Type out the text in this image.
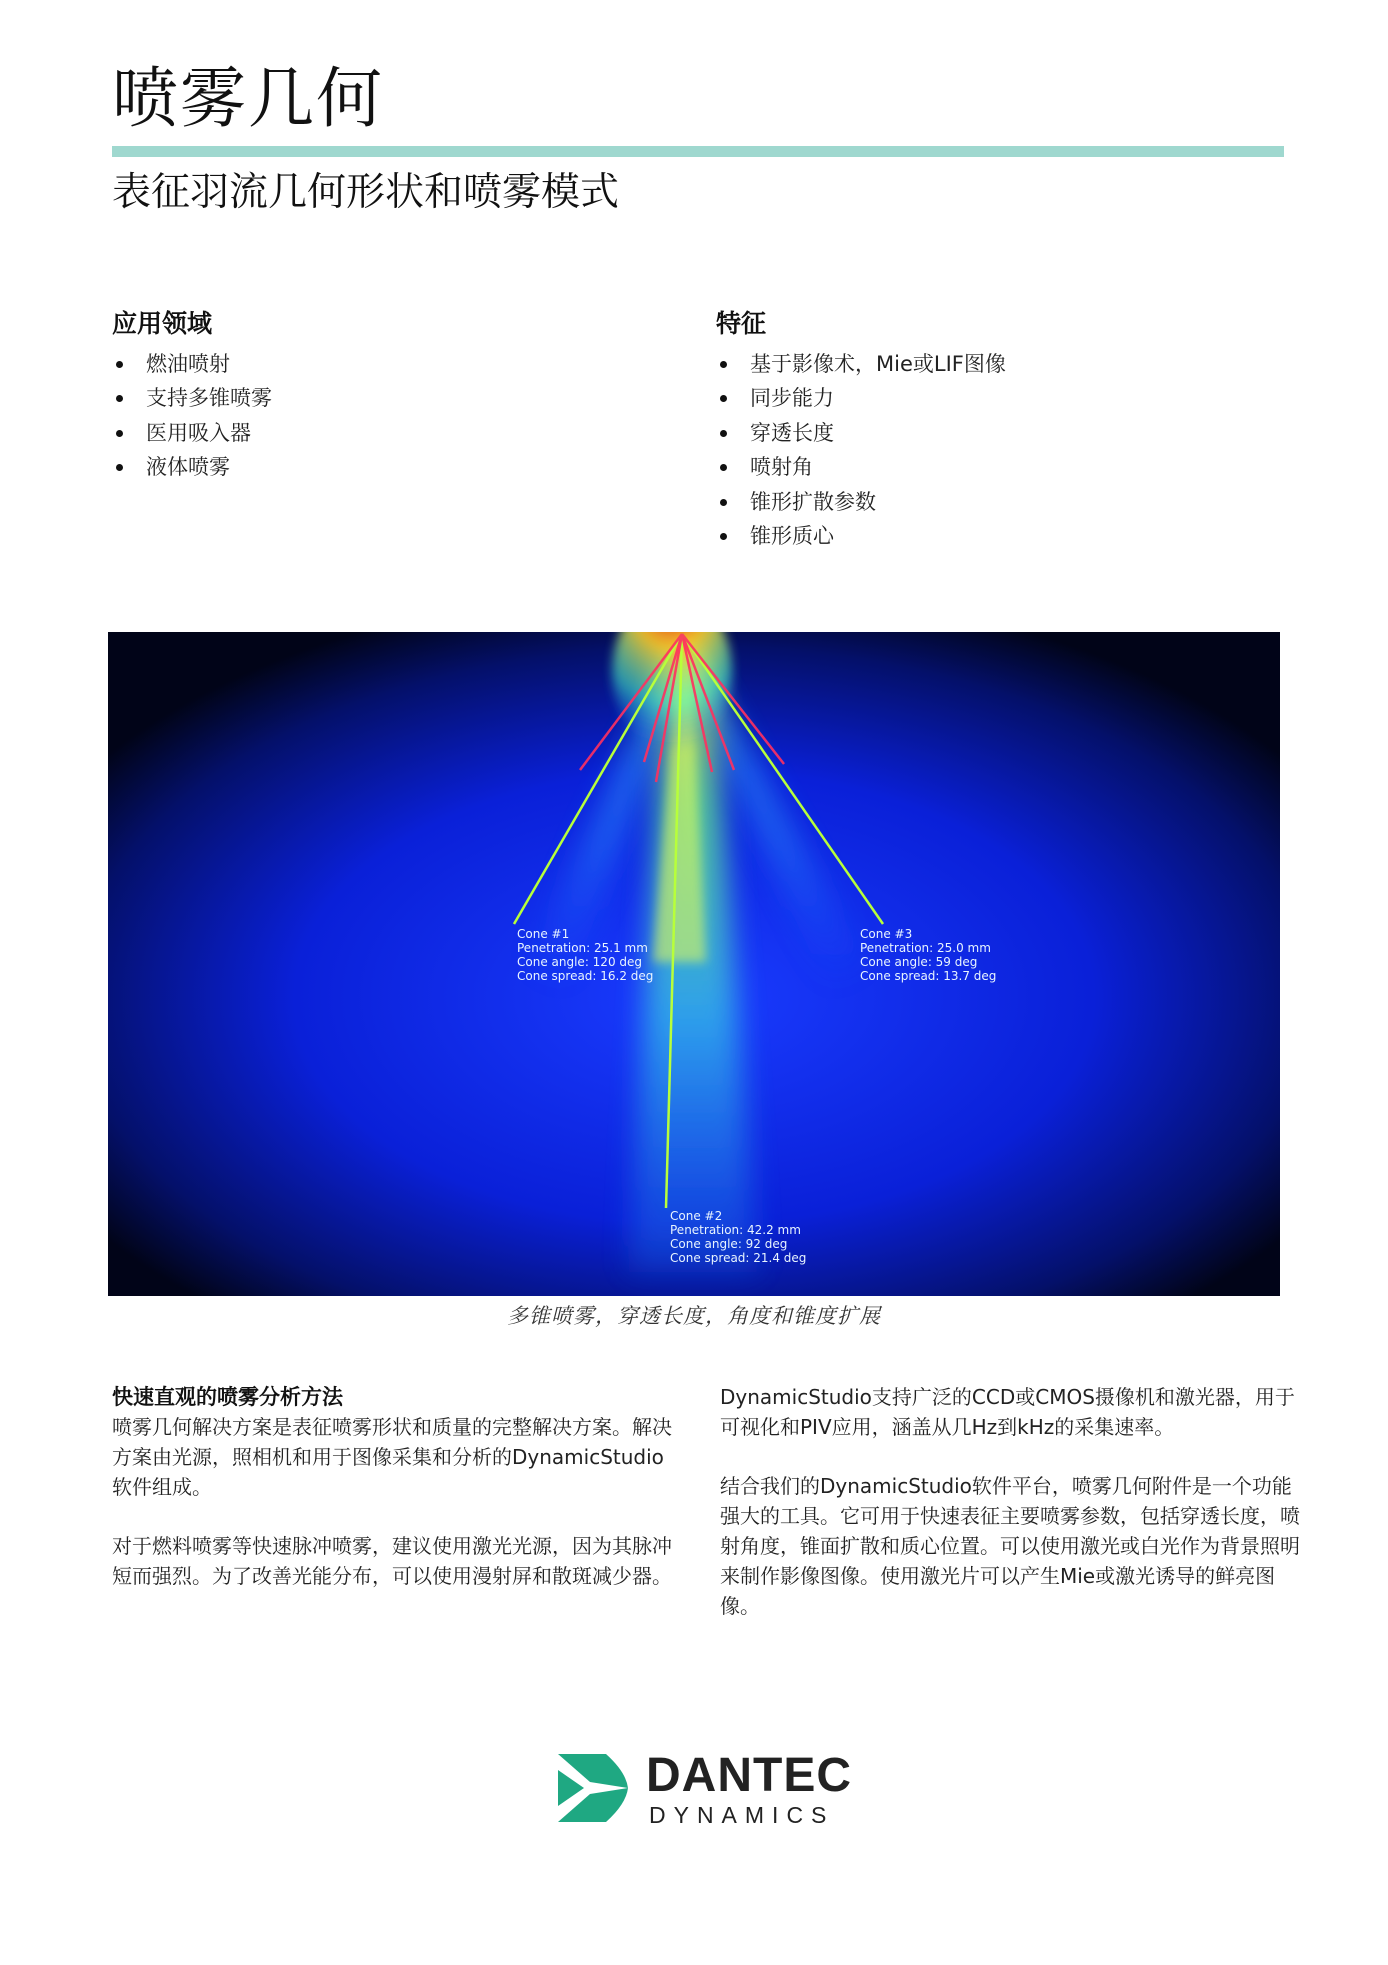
喷雾几何
表征羽流几何形状和喷雾模式
应用领域
燃油喷射
支持多锥喷雾
医用吸入器
液体喷雾
特征
基于影像术，Mie或LIF图像
同步能力
穿透长度
喷射角
锥形扩散参数
锥形质心
Cone #1
Penetration: 25.1 mm
Cone angle: 120 deg
Cone spread: 16.2 deg
Cone #3
Penetration: 25.0 mm
Cone angle: 59 deg
Cone spread: 13.7 deg
Cone #2
Penetration: 42.2 mm
Cone angle: 92 deg
Cone spread: 21.4 deg
多锥喷雾，穿透长度，角度和锥度扩展
快速直观的喷雾分析方法

喷雾几何解决方案是表征喷雾形状和质量的完整解决方案。解决方案由光源，照相机和用于图像采集和分析的DynamicStudio 软件组成。

对于燃料喷雾等快速脉冲喷雾，建议使用激光光源，因为其脉冲短而强烈。为了改善光能分布，可以使用漫射屏和散斑减少器。

DynamicStudio支持广泛的CCD或CMOS摄像机和激光器，用于可视化和PIV应用，涵盖从几Hz到kHz的采集速率。

结合我们的DynamicStudio软件平台，喷雾几何附件是一个功能强大的工具。它可用于快速表征主要喷雾参数，包括穿透长度，喷射角度，锥面扩散和质心位置。可以使用激光或白光作为背景照明来制作影像图像。使用激光片可以产生Mie或激光诱导的鲜亮图像。

DANTEC
DYNAMICS
